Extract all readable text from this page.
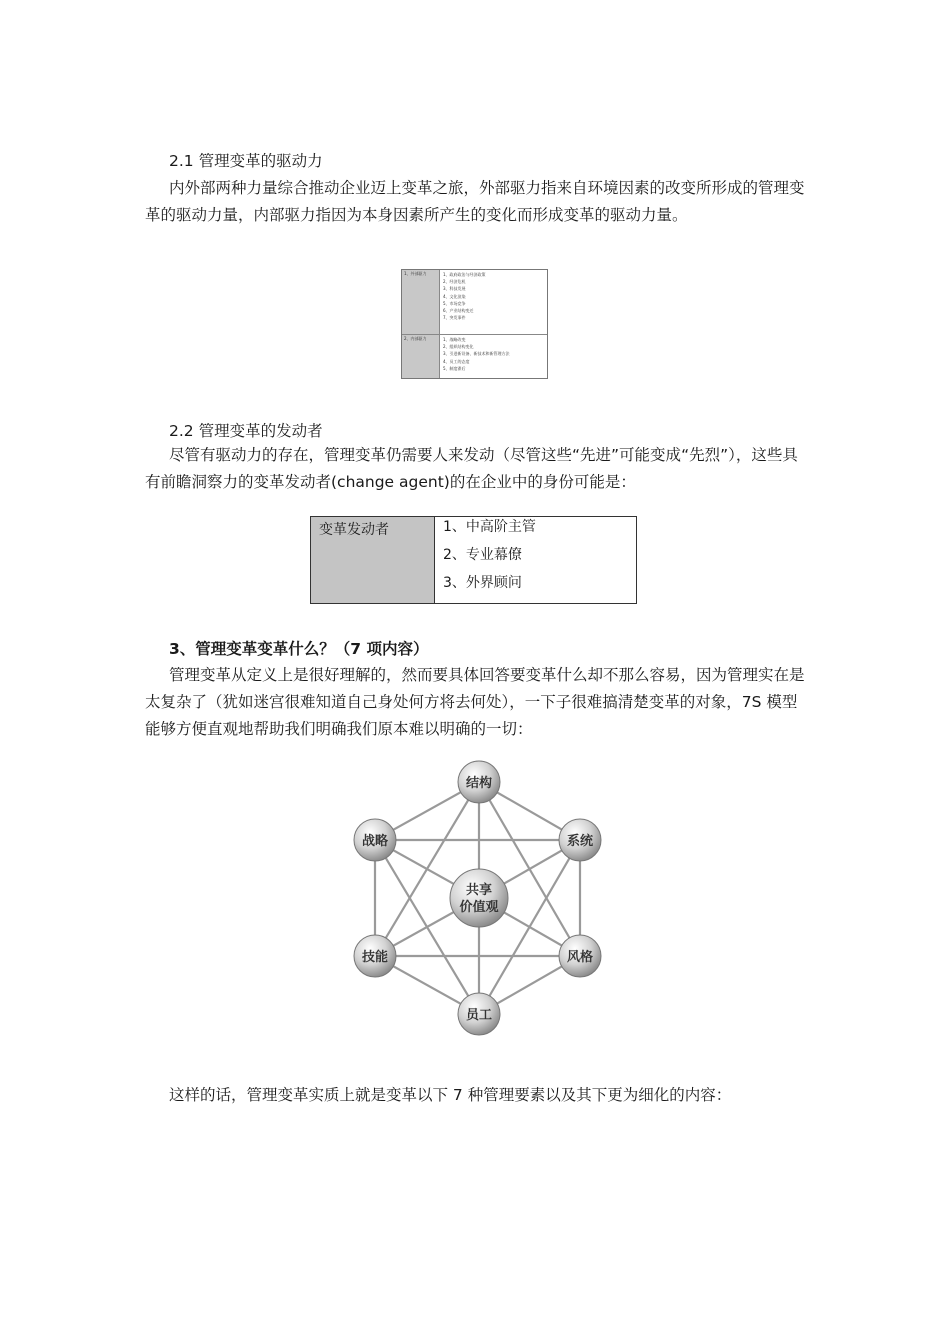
2.1 管理变革的驱动力
内外部两种力量综合推动企业迈上变革之旅，外部驱力指来自环境因素的改变所形成的管理变革的驱动力量，内部驱力指因为本身因素所产生的变化而形成变革的驱动力量。
1、外部驱力	1、政府政治与经济政策
2、经济危机
3、科技发展
4、文化渲染
5、市场竞争
6、产业结构变迁
7、突发事件
2、内部驱力	1、战略改变
2、组织结构变化
3、引进新设备、新技术和新管理方法
4、员工的态度
5、制度滞后
2.2 管理变革的发动者
尽管有驱动力的存在，管理变革仍需要人来发动（尽管这些“先进”可能变成“先烈”），这些具有前瞻洞察力的变革发动者(change agent)的在企业中的身份可能是：
变革发动者	1、中高阶主管
2、专业幕僚
3、外界顾问
3、管理变革变革什么？（7 项内容）
管理变革从定义上是很好理解的，然而要具体回答要变革什么却不那么容易，因为管理实在是太复杂了（犹如迷宫很难知道自己身处何方将去何处），一下子很难搞清楚变革的对象，7S 模型能够方便直观地帮助我们明确我们原本难以明确的一切：
共享
价值观
结构
系统
风格
员工
技能
战略
这样的话，管理变革实质上就是变革以下 7 种管理要素以及其下更为细化的内容：
